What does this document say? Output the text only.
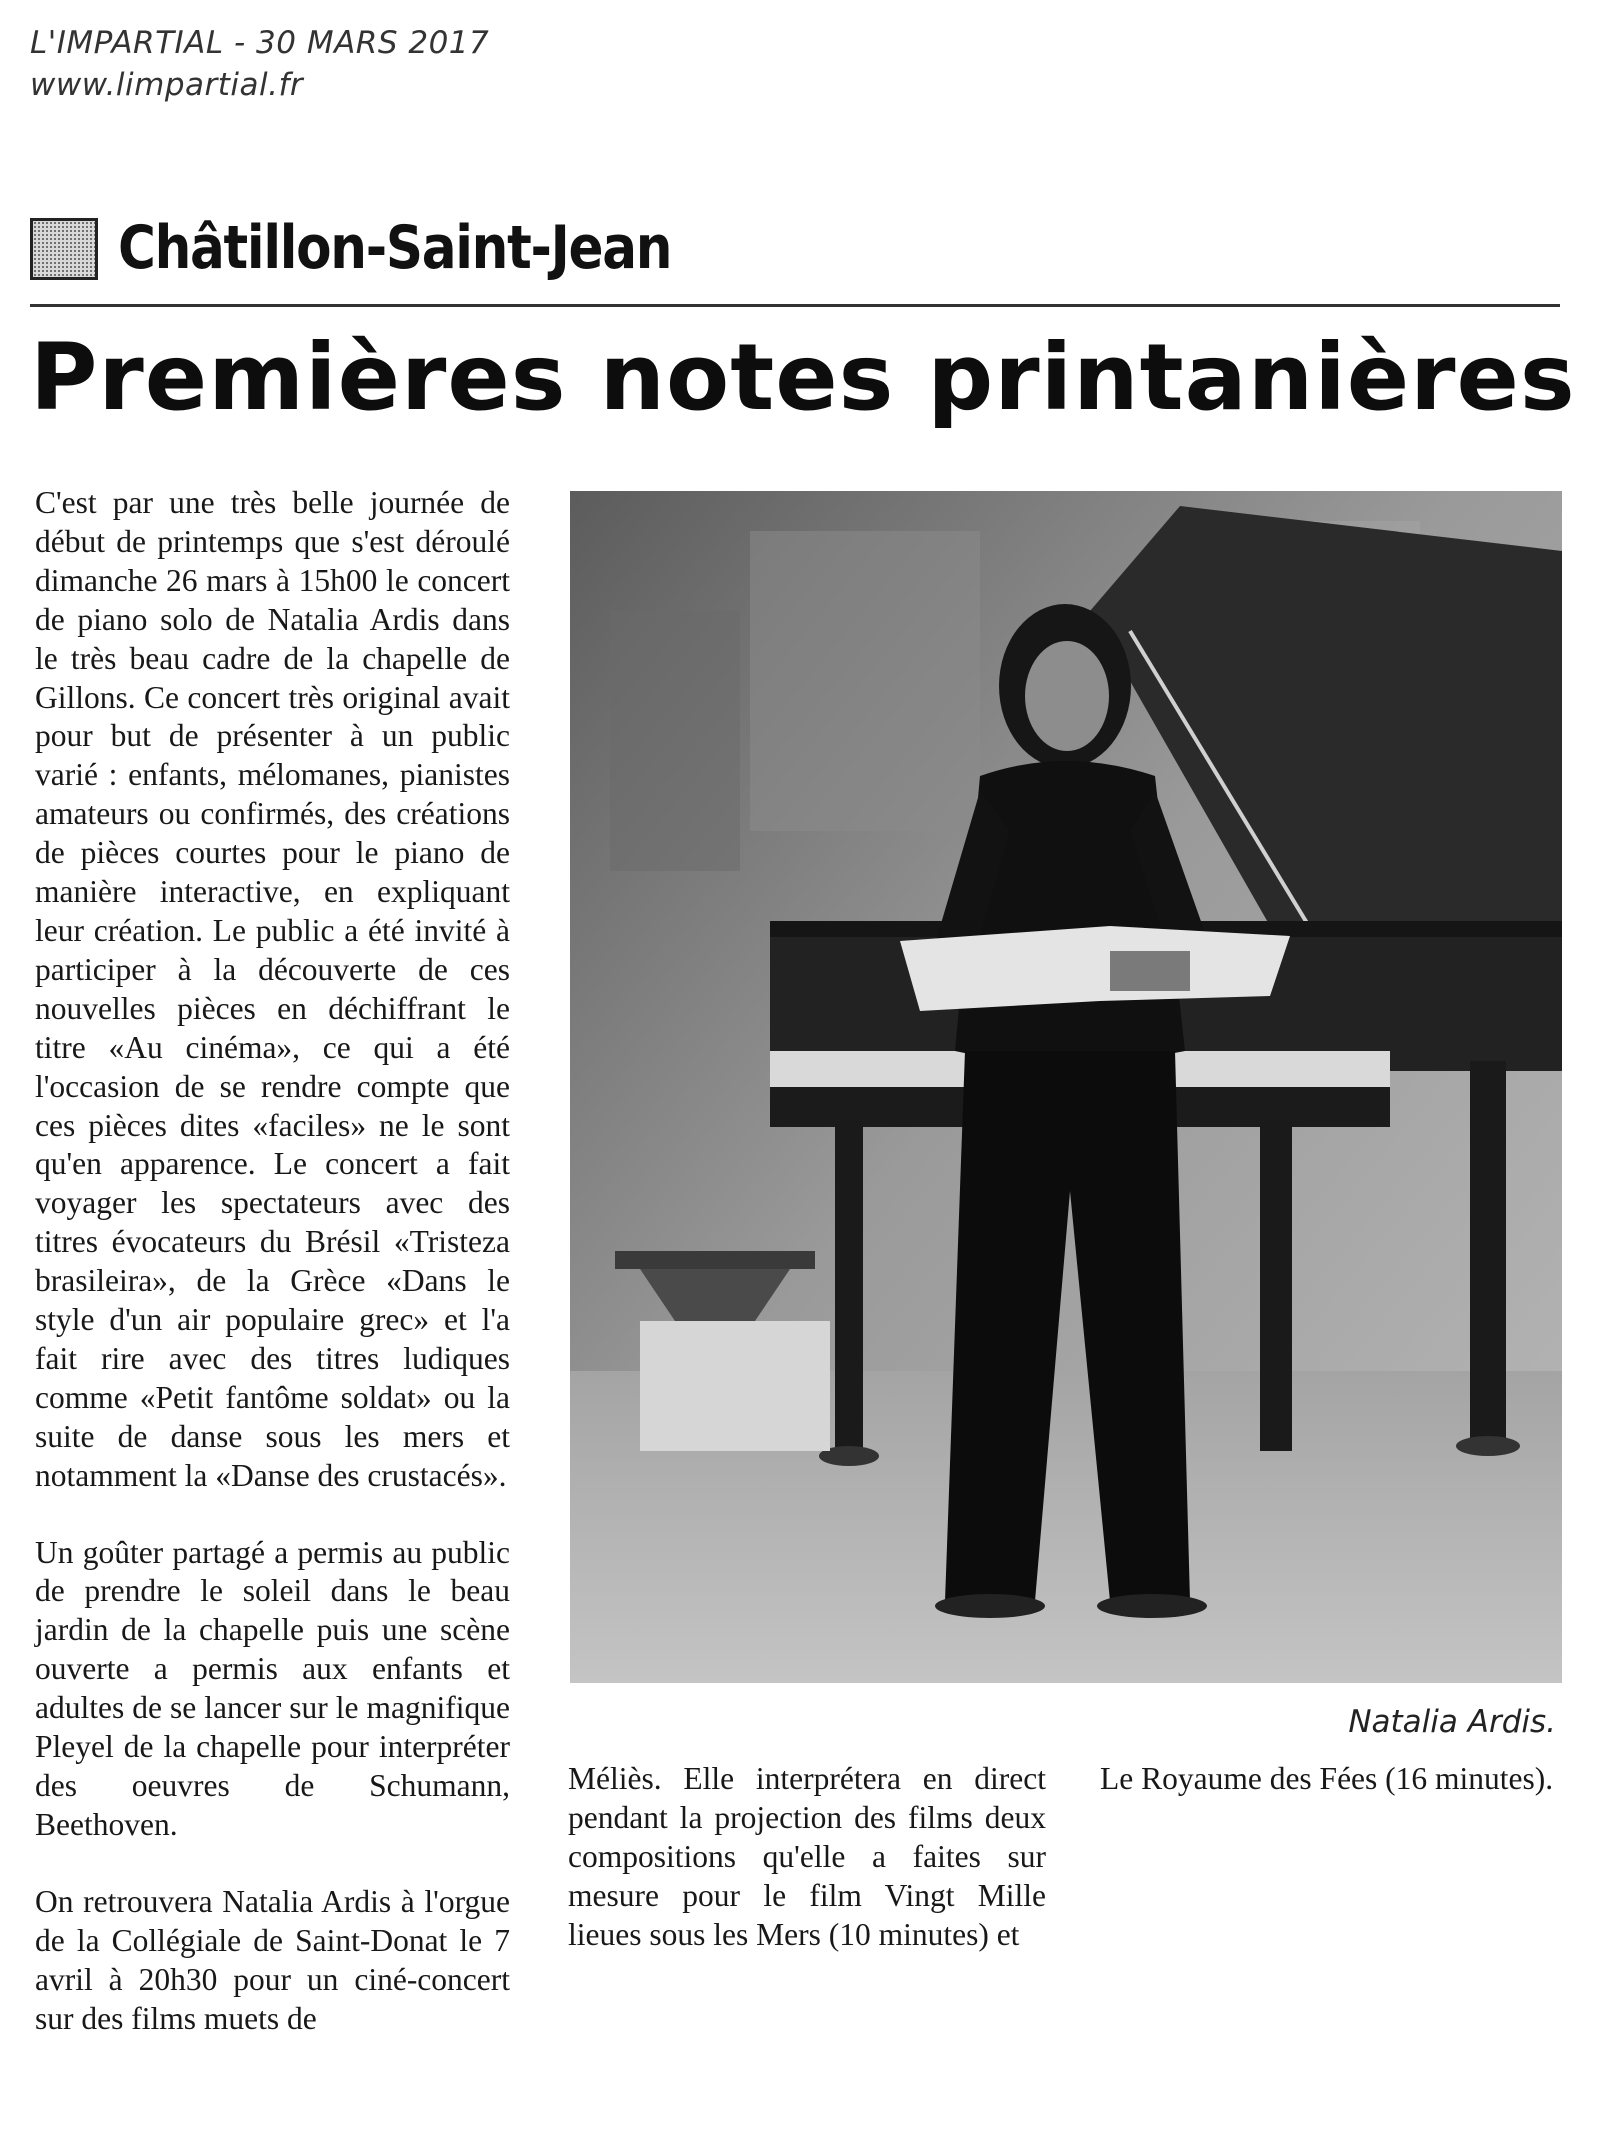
L'IMPARTIAL - 30 MARS 2017
www.limpartial.fr
Châtillon-Saint-Jean
Premières notes printanières

C'est par une très belle journée de début de printemps que s'est déroulé dimanche 26 mars à 15h00 le concert de piano solo de Natalia Ardis dans le très beau cadre de la chapelle de Gillons. Ce concert très original avait pour but de présenter à un public varié : enfants, mélomanes, pianistes amateurs ou confirmés, des créations de pièces courtes pour le piano de manière interactive, en expliquant leur création. Le public a été invité à participer à la découverte de ces nouvelles pièces en déchiffrant le titre «Au cinéma», ce qui a été l'occasion de se rendre compte que ces pièces dites «faciles» ne le sont qu'en apparence. Le concert a fait voyager les spectateurs avec des titres évocateurs du Brésil «Tristeza brasileira», de la Grèce «Dans le style d'un air populaire grec» et l'a fait rire avec des titres ludiques comme «Petit fantôme soldat» ou la suite de danse sous les mers et notamment la «Danse des crustacés».

Un goûter partagé a permis au public de prendre le soleil dans le beau jardin de la chapelle puis une scène ouverte a permis aux enfants et adultes de se lancer sur le magnifique Pleyel de la chapelle pour interpréter des oeuvres de Schumann, Beethoven.

On retrouvera Natalia Ardis à l'orgue de la Collégiale de Saint-Donat le 7 avril à 20h30 pour un ciné-concert sur des films muets de

Natalia Ardis.

Méliès. Elle interprétera en direct pendant la projection des films deux compositions qu'elle a faites sur mesure pour le film Vingt Mille lieues sous les Mers (10 minutes) et

Le Royaume des Fées (16 minutes).
